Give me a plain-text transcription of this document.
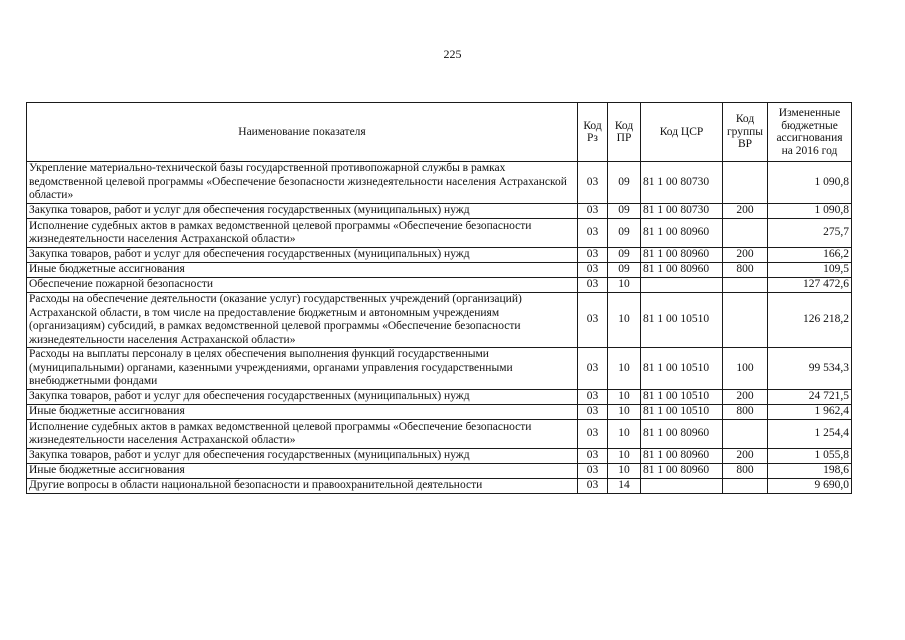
225
Наименование показателя	Код Рз	Код ПР	Код ЦСР	Код группы ВР	Измененные бюджетные ассигнования на 2016 год
Укрепление материально-технической базы государственной противопожарной службы в рамках ведомственной целевой программы «Обеспечение безопасности жизнедеятельности населения Астраханской области»	03	09	81 1 00 80730		1 090,8
Закупка товаров, работ и услуг для обеспечения государственных (муниципальных) нужд	03	09	81 1 00 80730	200	1 090,8
Исполнение судебных актов в рамках ведомственной целевой программы «Обеспечение безопасности жизнедеятельности населения Астраханской области»	03	09	81 1 00 80960		275,7
Закупка товаров, работ и услуг для обеспечения государственных (муниципальных) нужд	03	09	81 1 00 80960	200	166,2
Иные бюджетные ассигнования	03	09	81 1 00 80960	800	109,5
Обеспечение пожарной безопасности	03	10			127 472,6
Расходы на обеспечение деятельности (оказание услуг) государственных учреждений (организаций) Астраханской области, в том числе на предоставление бюджетным и автономным учреждениям (организациям) субсидий, в рамках ведомственной целевой программы «Обеспечение безопасности жизнедеятельности населения Астраханской области»	03	10	81 1 00 10510		126 218,2
Расходы на выплаты персоналу в целях обеспечения выполнения функций государственными (муниципальными) органами, казенными учреждениями, органами управления государственными внебюджетными фондами	03	10	81 1 00 10510	100	99 534,3
Закупка товаров, работ и услуг для обеспечения государственных (муниципальных) нужд	03	10	81 1 00 10510	200	24 721,5
Иные бюджетные ассигнования	03	10	81 1 00 10510	800	1 962,4
Исполнение судебных актов в рамках ведомственной целевой программы «Обеспечение безопасности жизнедеятельности населения Астраханской области»	03	10	81 1 00 80960		1 254,4
Закупка товаров, работ и услуг для обеспечения государственных (муниципальных) нужд	03	10	81 1 00 80960	200	1 055,8
Иные бюджетные ассигнования	03	10	81 1 00 80960	800	198,6
Другие вопросы в области национальной безопасности и правоохранительной деятельности	03	14			9 690,0
